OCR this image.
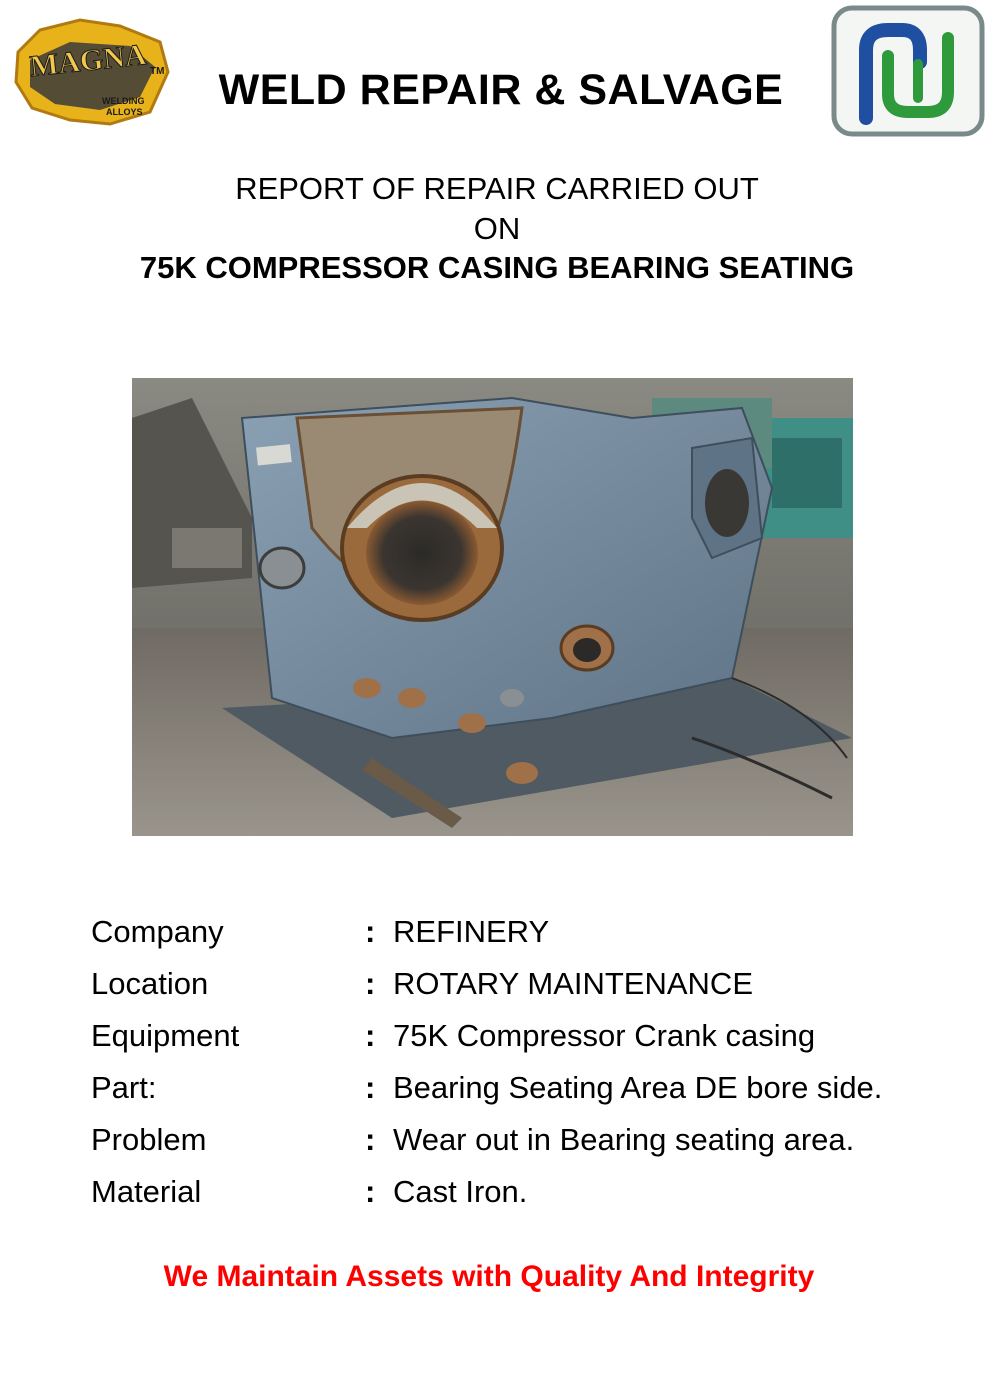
MAGNA TM
WELDING
ALLOYS	WELD REPAIR & SALVAGE
REPORT OF REPAIR CARRIED OUT
ON
75K COMPRESSOR CASING BEARING SEATING
Company	: REFINERY
Location	: ROTARY MAINTENANCE
Equipment	: 75K Compressor Crank casing
Part:	: Bearing Seating Area DE bore side.
Problem	: Wear out in Bearing seating area.
Material	: Cast Iron.
We Maintain Assets with Quality And Integrity
